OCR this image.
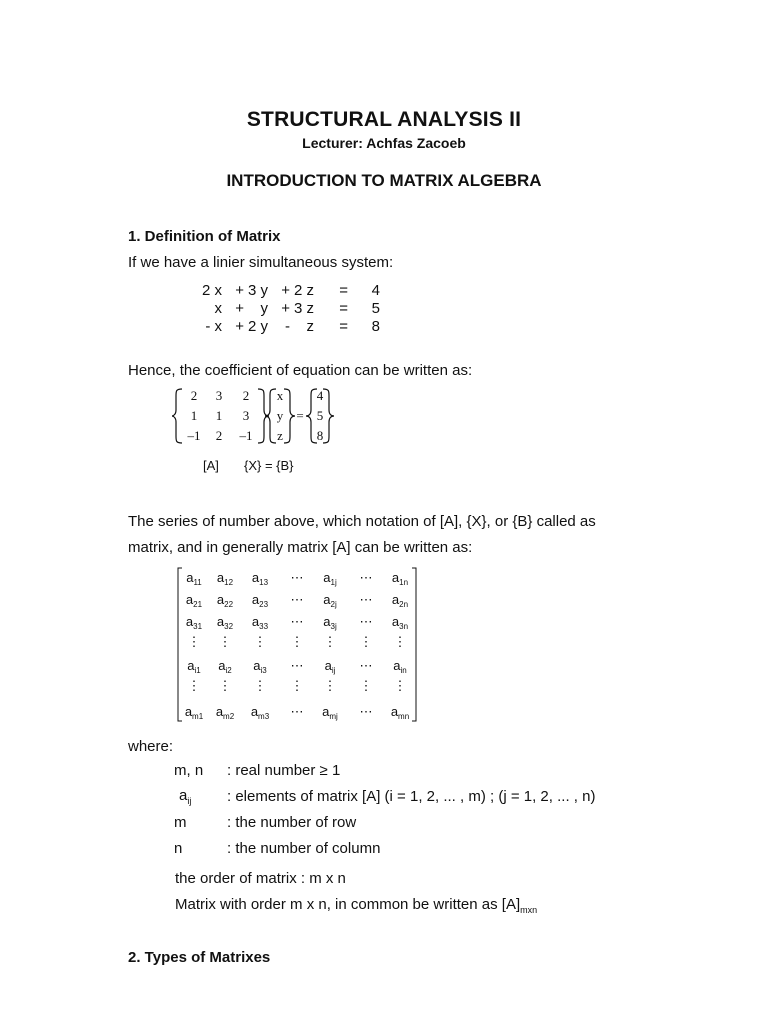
STRUCTURAL ANALYSIS II
Lecturer: Achfas Zacoeb
INTRODUCTION TO MATRIX ALGEBRA
1. Definition of Matrix
If we have a linier simultaneous system:
2 x	+	3 y	+	2 z	=	4
x	+	y	+	3 z	=	5
- x	+	2 y	-	z	=	8
Hence, the coefficient of equation can be written as:
2 3 2
1 1 3
–1 2 –1
x
y
z
=
4
5
8
[A] {X} = {B}
The series of number above, which notation of [A], {X}, or {B} called as
matrix, and in generally matrix [A] can be written as:
$a_{11}$ $a_{12}$ $a_{13}$ ⋯ $a_{1j}$ ⋯ $a_{1n}$
$a_{21}$ $a_{22}$ $a_{23}$ ⋯ $a_{2j}$ ⋯ $a_{2n}$
$a_{31}$ $a_{32}$ $a_{33}$ ⋯ $a_{3j}$ ⋯ $a_{3n}$
⋮ ⋮ ⋮ ⋮ ⋮ ⋮ ⋮
$a_{i1}$ $a_{i2}$ $a_{i3}$ ⋯ $a_{ij}$ ⋯ $a_{in}$
⋮ ⋮ ⋮ ⋮ ⋮ ⋮ ⋮
$a_{m1}$ $a_{m2}$ $a_{m3}$ ⋯ $a_{mj}$ ⋯ $a_{mn}$
where:
m, n	: real number ≥ 1
$a_{ij}$	: elements of matrix [A] (i = 1, 2, ... , m) ; (j = 1, 2, ... , n)
m	: the number of row
n	: the number of column
the order of matrix : m x n
Matrix with order m x n, in common be written as $[A]_{mxn}$
2. Types of Matrixes
